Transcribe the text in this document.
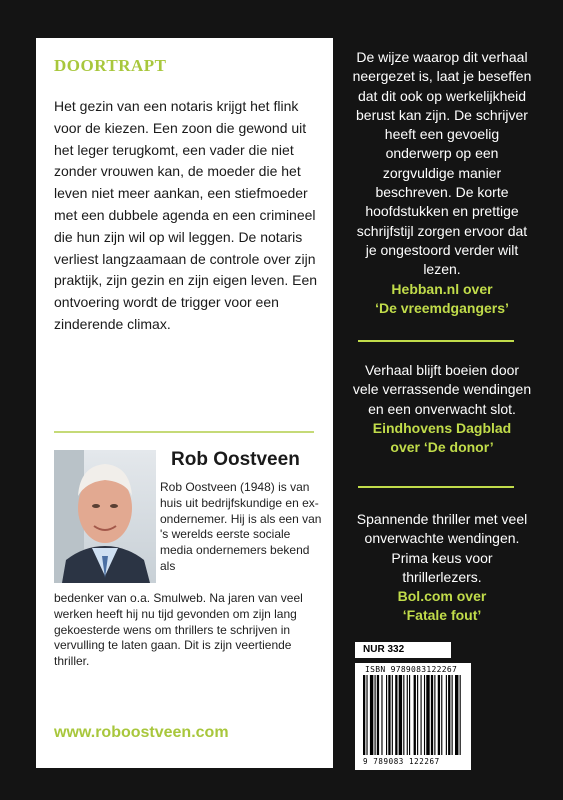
DOORTRAPT
Het gezin van een notaris krijgt het flink voor de kiezen. Een zoon die gewond uit het leger terugkomt, een vader die niet zonder vrouwen kan, de moeder die het leven niet meer aankan, een stiefmoeder met een dubbele agenda en een crimineel die hun zijn wil op wil leggen. De notaris verliest langzaamaan de controle over zijn praktijk, zijn gezin en zijn eigen leven. Een ontvoering wordt de trigger voor een zinderende climax.
Rob Oostveen
Rob Oostveen (1948) is van huis uit bedrijfskundige en ex-ondernemer. Hij is als een van 's werelds eerste sociale media ondernemers bekend als
bedenker van o.a. Smulweb. Na jaren van veel werken heeft hij nu tijd gevonden om zijn lang gekoesterde wens om thrillers te schrijven in vervulling te laten gaan. Dit is zijn veertiende thriller.
www.roboostveen.com
De wijze waarop dit verhaal neergezet is, laat je beseffen dat dit ook op werkelijkheid berust kan zijn. De schrijver heeft een gevoelig onderwerp op een zorgvuldige manier beschreven. De korte hoofdstukken en prettige schrijfstijl zorgen ervoor dat je ongestoord verder wilt lezen.
Hebban.nl over
‘De vreemdgangers’
Verhaal blijft boeien door vele verrassende wendingen en een onverwacht slot.
Eindhovens Dagblad
over ‘De donor’
Spannende thriller met veel onverwachte wendingen. Prima keus voor thrillerlezers.
Bol.com over
‘Fatale fout’
NUR 332
ISBN 9789083122267
9 789083 122267
